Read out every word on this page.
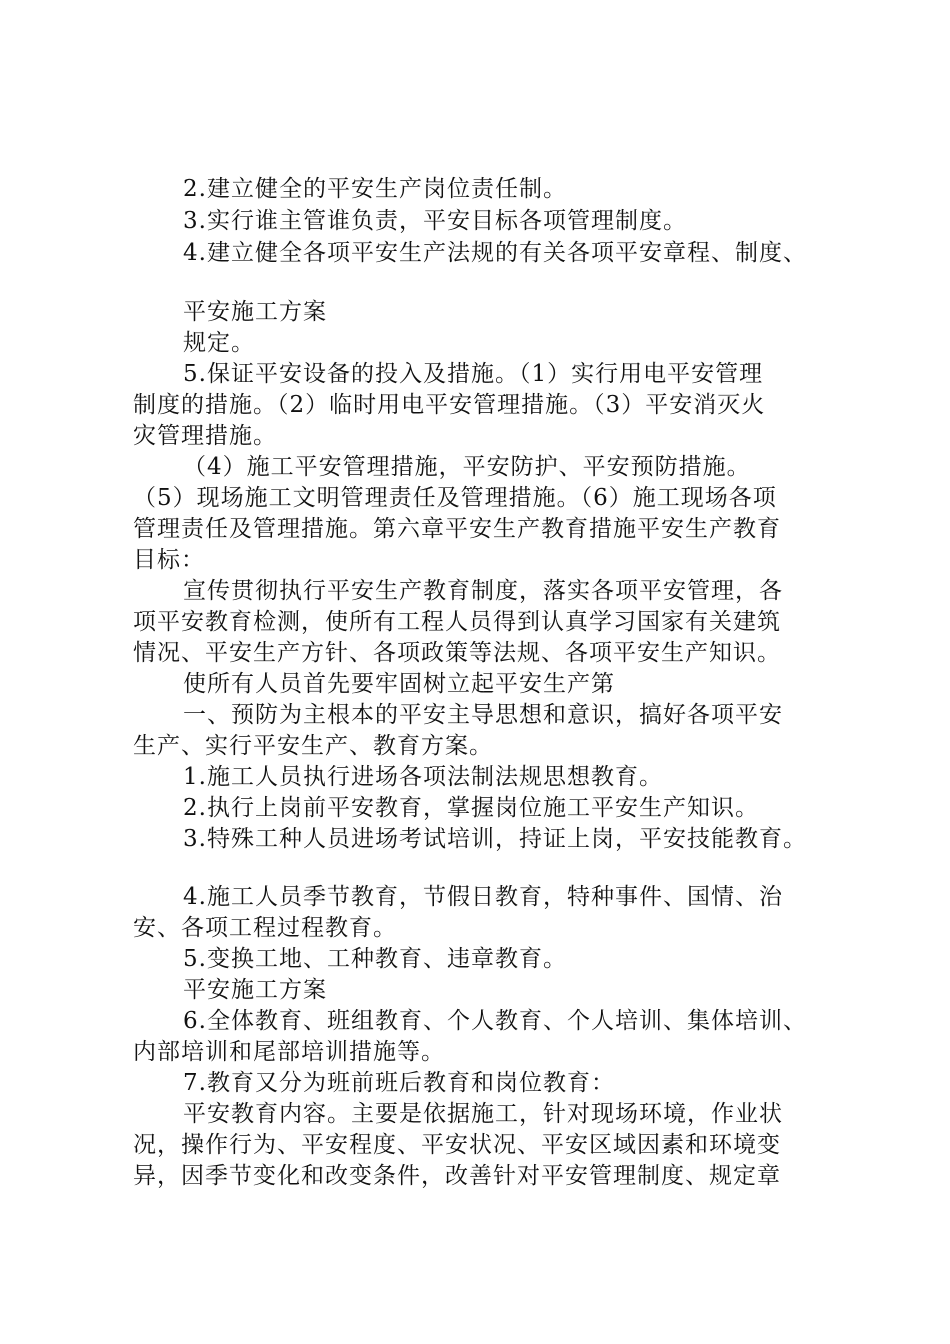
2.建立健全的平安生产岗位责任制。
3.实行谁主管谁负责，平安目标各项管理制度。
4.建立健全各项平安生产法规的有关各项平安章程、制度、
平安施工方案
规定。
5.保证平安设备的投入及措施。（1）实行用电平安管理
制度的措施。（2）临时用电平安管理措施。（3）平安消灭火
灾管理措施。
（4）施工平安管理措施，平安防护、平安预防措施。
（5）现场施工文明管理责任及管理措施。（6）施工现场各项
管理责任及管理措施。第六章平安生产教育措施平安生产教育
目标：
宣传贯彻执行平安生产教育制度，落实各项平安管理，各
项平安教育检测，使所有工程人员得到认真学习国家有关建筑
情况、平安生产方针、各项政策等法规、各项平安生产知识。
使所有人员首先要牢固树立起平安生产第
一、预防为主根本的平安主导思想和意识，搞好各项平安
生产、实行平安生产、教育方案。
1.施工人员执行进场各项法制法规思想教育。
2.执行上岗前平安教育，掌握岗位施工平安生产知识。
3.特殊工种人员进场考试培训，持证上岗，平安技能教育。
4.施工人员季节教育，节假日教育，特种事件、国情、治
安、各项工程过程教育。
5.变换工地、工种教育、违章教育。
平安施工方案
6.全体教育、班组教育、个人教育、个人培训、集体培训、
内部培训和尾部培训措施等。
7.教育又分为班前班后教育和岗位教育：
平安教育内容。主要是依据施工，针对现场环境，作业状
况，操作行为、平安程度、平安状况、平安区域因素和环境变
异，因季节变化和改变条件，改善针对平安管理制度、规定章
